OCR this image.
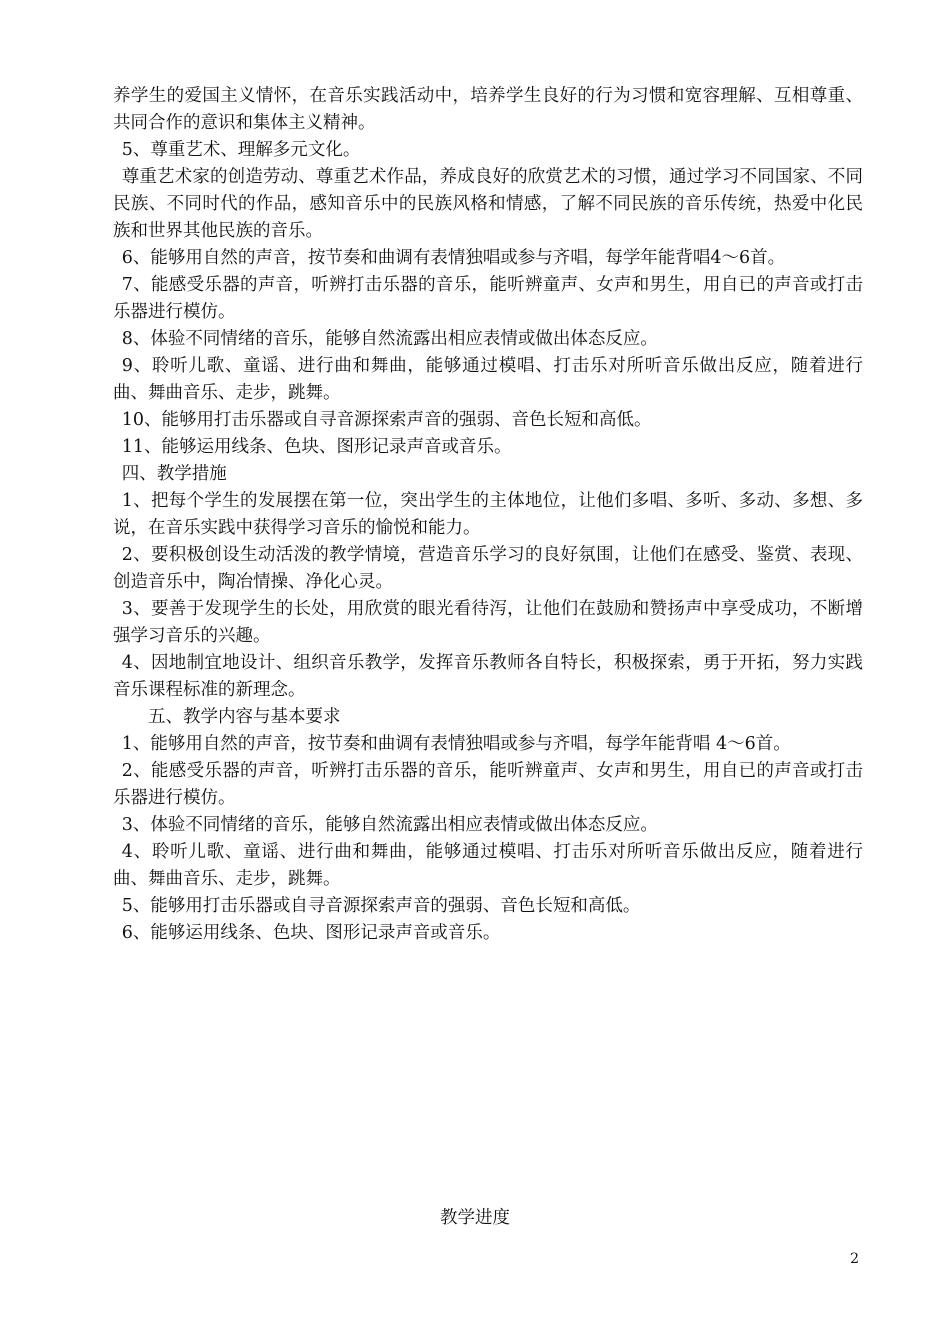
养学生的爱国主义情怀，在音乐实践活动中，培养学生良好的行为习惯和宽容理解、互相尊重、共同合作的意识和集体主义精神。

5、尊重艺术、理解多元文化。

尊重艺术家的创造劳动、尊重艺术作品，养成良好的欣赏艺术的习惯，通过学习不同国家、不同民族、不同时代的作品，感知音乐中的民族风格和情感，了解不同民族的音乐传统，热爱中化民族和世界其他民族的音乐。

6、能够用自然的声音，按节奏和曲调有表情独唱或参与齐唱，每学年能背唱4～6首。

7、能感受乐器的声音，听辨打击乐器的音乐，能听辨童声、女声和男生，用自已的声音或打击乐器进行模仿。

8、体验不同情绪的音乐，能够自然流露出相应表情或做出体态反应。

9、聆听儿歌、童谣、进行曲和舞曲，能够通过模唱、打击乐对所听音乐做出反应，随着进行曲、舞曲音乐、走步，跳舞。

10、能够用打击乐器或自寻音源探索声音的强弱、音色长短和高低。

11、能够运用线条、色块、图形记录声音或音乐。

四、教学措施

1、把每个学生的发展摆在第一位，突出学生的主体地位，让他们多唱、多听、多动、多想、多说，在音乐实践中获得学习音乐的愉悦和能力。

2、要积极创设生动活泼的教学情境，营造音乐学习的良好氛围，让他们在感受、鉴赏、表现、创造音乐中，陶冶情操、净化心灵。

3、要善于发现学生的长处，用欣赏的眼光看待泻，让他们在鼓励和赞扬声中享受成功，不断增强学习音乐的兴趣。

4、因地制宜地设计、组织音乐教学，发挥音乐教师各自特长，积极探索，勇于开拓，努力实践音乐课程标准的新理念。

五、教学内容与基本要求

1、能够用自然的声音，按节奏和曲调有表情独唱或参与齐唱，每学年能背唱 4～6首。

2、能感受乐器的声音，听辨打击乐器的音乐，能听辨童声、女声和男生，用自已的声音或打击乐器进行模仿。

3、体验不同情绪的音乐，能够自然流露出相应表情或做出体态反应。

4、聆听儿歌、童谣、进行曲和舞曲，能够通过模唱、打击乐对所听音乐做出反应，随着进行曲、舞曲音乐、走步，跳舞。

5、能够用打击乐器或自寻音源探索声音的强弱、音色长短和高低。

6、能够运用线条、色块、图形记录声音或音乐。

教学进度
2
